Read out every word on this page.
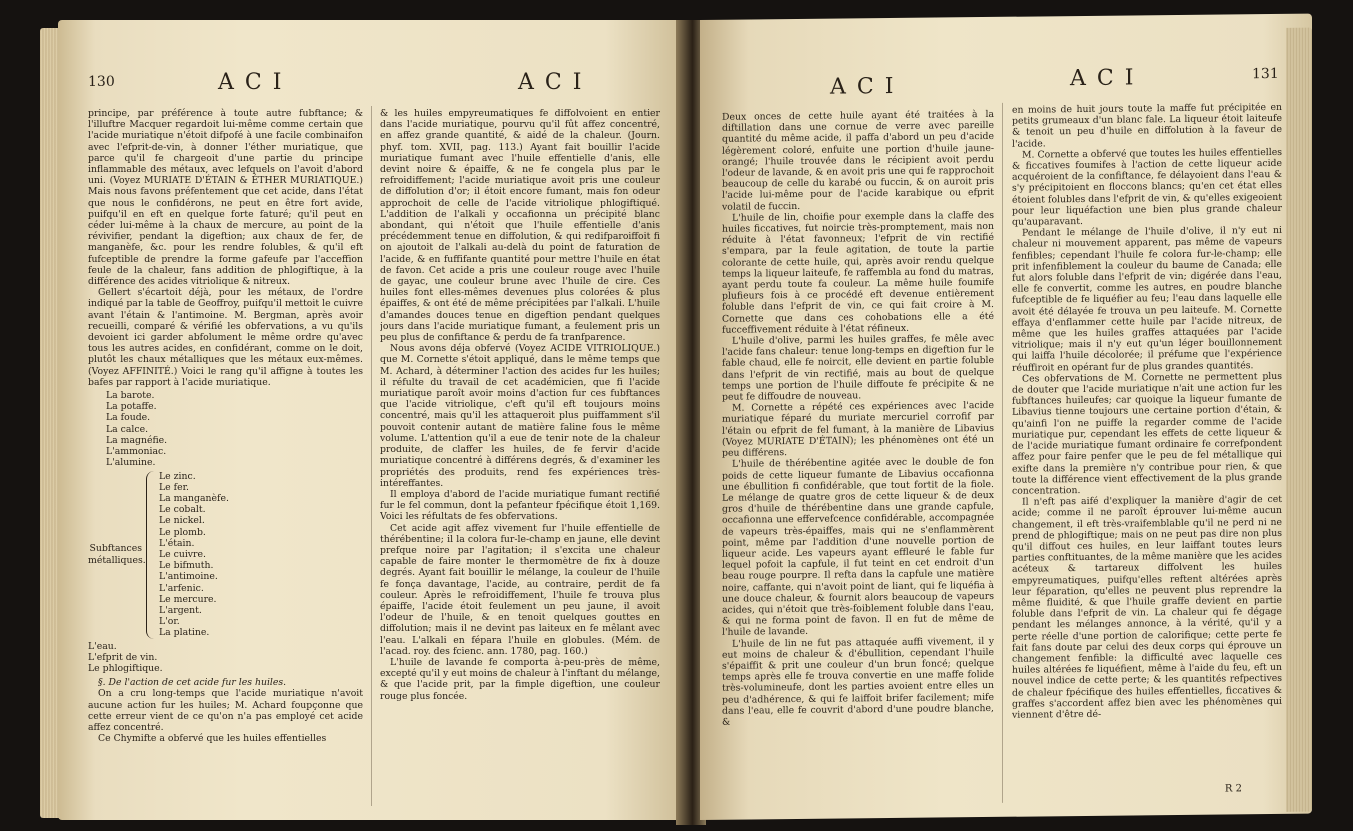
130	A C I	A C I

principe, par préférence à toute autre fubftance; & l'illuftre Macquer regardoit lui-même comme certain que l'acide muriatique n'étoit difpofé à une facile combinaifon avec l'efprit-de-vin, à donner l'éther muriatique, que parce qu'il fe chargeoit d'une partie du principe inflammable des métaux, avec lefquels on l'avoit d'abord uni. (Voyez MURIATE D'ÉTAIN & ÉTHER MURIATIQUE.) Mais nous favons préfentement que cet acide, dans l'état que nous le confidérons, ne peut en être fort avide, puifqu'il en eft en quelque forte faturé; qu'il peut en céder lui-même à la chaux de mercure, au point de la révivifier, pendant la digeftion; aux chaux de fer, de manganèfe, &c. pour les rendre folubles, & qu'il eft fufceptible de prendre la forme gafeufe par l'acceffion feule de la chaleur, fans addition de phlogiftique, à la différence des acides vitriolique & nitreux.

Gellert s'écartoit déjà, pour les métaux, de l'ordre indiqué par la table de Geoffroy, puifqu'il mettoit le cuivre avant l'étain & l'antimoine. M. Bergman, après avoir recueilli, comparé & vérifié les obfervations, a vu qu'ils devoient ici garder abfolument le même ordre qu'avec tous les autres acides, en confidérant, comme on le doit, plutôt les chaux métalliques que les métaux eux-mêmes. (Voyez AFFINITÉ.) Voici le rang qu'il affigne à toutes les bafes par rapport à l'acide muriatique.

La barote.
La potaffe.
La foude.
La calce.
La magnéfie.
L'ammoniac.
L'alumine.
Subftances métalliques.
Le zinc.
Le fer.
La manganèfe.
Le cobalt.
Le nickel.
Le plomb.
L'étain.
Le cuivre.
Le bifmuth.
L'antimoine.
L'arfenic.
Le mercure.
L'argent.
L'or.
La platine.
L'eau.
L'efprit de vin.
Le phlogiftique.

§. De l'action de cet acide fur les huiles.

On a cru long-temps que l'acide muriatique n'avoit aucune action fur les huiles; M. Achard foupçonne que cette erreur vient de ce qu'on n'a pas employé cet acide affez concentré.

Ce Chymifte a obfervé que les huiles effentielles

& les huiles empyreumatiques fe diffolvoient en entier dans l'acide muriatique, pourvu qu'il fût affez concentré, en affez grande quantité, & aidé de la chaleur. (Journ. phyf. tom. XVII, pag. 113.) Ayant fait bouillir l'acide muriatique fumant avec l'huile effentielle d'anis, elle devint noire & épaiffe, & ne fe congela plus par le refroidiffement; l'acide muriatique avoit pris une couleur de diffolution d'or; il étoit encore fumant, mais fon odeur approchoit de celle de l'acide vitriolique phlogiftiqué. L'addition de l'alkali y occafionna un précipité blanc abondant, qui n'étoit que l'huile effentielle d'anis précédemment tenue en diffolution, & qui redifparoiffoit fi on ajoutoit de l'alkali au-delà du point de faturation de l'acide, & en fuffifante quantité pour mettre l'huile en état de favon. Cet acide a pris une couleur rouge avec l'huile de gayac, une couleur brune avec l'huile de cire. Ces huiles font elles-mêmes devenues plus colorées & plus épaiffes, & ont été de même précipitées par l'alkali. L'huile d'amandes douces tenue en digeftion pendant quelques jours dans l'acide muriatique fumant, a feulement pris un peu plus de confiftance & perdu de fa tranfparence.

Nous avons déja obfervé (Voyez ACIDE VITRIOLIQUE.) que M. Cornette s'étoit appliqué, dans le même temps que M. Achard, à déterminer l'action des acides fur les huiles; il réfulte du travail de cet académicien, que fi l'acide muriatique paroît avoir moins d'action fur ces fubftances que l'acide vitriolique, c'eft qu'il eft toujours moins concentré, mais qu'il les attaqueroit plus puiffamment s'il pouvoit contenir autant de matière faline fous le même volume. L'attention qu'il a eue de tenir note de la chaleur produite, de claffer les huiles, de fe fervir d'acide muriatique concentré à différens degrés, & d'examiner les propriétés des produits, rend fes expériences très-intéreffantes.

Il employa d'abord de l'acide muriatique fumant rectifié fur le fel commun, dont la pefanteur fpécifique étoit 1,169. Voici les réfultats de fes obfervations.

Cet acide agit affez vivement fur l'huile effentielle de thérébentine; il la colora fur-le-champ en jaune, elle devint prefque noire par l'agitation; il s'excita une chaleur capable de faire monter le thermomètre de fix à douze degrés. Ayant fait bouillir le mélange, la couleur de l'huile fe fonça davantage, l'acide, au contraire, perdit de fa couleur. Après le refroidiffement, l'huile fe trouva plus épaiffe, l'acide étoit feulement un peu jaune, il avoit l'odeur de l'huile, & en tenoit quelques gouttes en diffolution; mais il ne devint pas laiteux en fe mêlant avec l'eau. L'alkali en fépara l'huile en globules. (Mém. de l'acad. roy. des fcienc. ann. 1780, pag. 160.)

L'huile de lavande fe comporta à-peu-près de même, excepté qu'il y eut moins de chaleur à l'inftant du mélange, & que l'acide prit, par la fimple digeftion, une couleur rouge plus foncée.

A C I	A C I	131

Deux onces de cette huile ayant été traitées à la diftillation dans une cornue de verre avec pareille quantité du même acide, il paffa d'abord un peu d'acide légèrement coloré, enfuite une portion d'huile jaune-orangé; l'huile trouvée dans le récipient avoit perdu l'odeur de lavande, & en avoit pris une qui fe rapprochoit beaucoup de celle du karabé ou fuccin, & on auroit pris l'acide lui-même pour de l'acide karabique ou efprit volatil de fuccin.

L'huile de lin, choifie pour exemple dans la claffe des huiles ficcatives, fut noircie très-promptement, mais non réduite à l'état favonneux; l'efprit de vin rectifié s'empara, par la feule agitation, de toute la partie colorante de cette huile, qui, après avoir rendu quelque temps la liqueur laiteufe, fe raffembla au fond du matras, ayant perdu toute fa couleur. La même huile foumife plufieurs fois à ce procédé eft devenue entièrement foluble dans l'efprit de vin, ce qui fait croire à M. Cornette que dans ces cohobations elle a été fucceffivement réduite à l'état réfineux.

L'huile d'olive, parmi les huiles graffes, fe mêle avec l'acide fans chaleur: tenue long-temps en digeftion fur le fable chaud, elle fe noircit, elle devient en partie foluble dans l'efprit de vin rectifié, mais au bout de quelque temps une portion de l'huile diffoute fe précipite & ne peut fe diffoudre de nouveau.

M. Cornette a répété ces expériences avec l'acide muriatique féparé du muriate mercuriel corrofif par l'étain ou efprit de fel fumant, à la manière de Libavius (Voyez MURIATE D'ÉTAIN); les phénomènes ont été un peu différens.

L'huile de thérébentine agitée avec le double de fon poids de cette liqueur fumante de Libavius occafionna une ébullition fi confidérable, que tout fortit de la fiole. Le mélange de quatre gros de cette liqueur & de deux gros d'huile de thérébentine dans une grande capfule, occafionna une effervefcence confidérable, accompagnée de vapeurs très-épaiffes, mais qui ne s'enflammèrent point, même par l'addition d'une nouvelle portion de liqueur acide. Les vapeurs ayant effleuré le fable fur lequel pofoit la capfule, il fut teint en cet endroit d'un beau rouge pourpre. Il refta dans la capfule une matière noire, caffante, qui n'avoit point de liant, qui fe liquéfia à une douce chaleur, & fournit alors beaucoup de vapeurs acides, qui n'étoit que très-foiblement foluble dans l'eau, & qui ne forma point de favon. Il en fut de même de l'huile de lavande.

L'huile de lin ne fut pas attaquée auffi vivement, il y eut moins de chaleur & d'ébullition, cependant l'huile s'épaiffit & prit une couleur d'un brun foncé; quelque temps après elle fe trouva convertie en une maffe folide très-volumineufe, dont les parties avoient entre elles un peu d'adhérence, & qui fe laiffoit brifer facilement; mife dans l'eau, elle fe couvrit d'abord d'une poudre blanche, &

en moins de huit jours toute la maffe fut précipitée en petits grumeaux d'un blanc fale. La liqueur étoit laiteufe & tenoit un peu d'huile en diffolution à la faveur de l'acide.

M. Cornette a obfervé que toutes les huiles effentielles & ficcatives foumifes à l'action de cette liqueur acide acquéroient de la confiftance, fe délayoient dans l'eau & s'y précipitoient en floccons blancs; qu'en cet état elles étoient folubles dans l'efprit de vin, & qu'elles exigeoient pour leur liquéfaction une bien plus grande chaleur qu'auparavant.

Pendant le mélange de l'huile d'olive, il n'y eut ni chaleur ni mouvement apparent, pas même de vapeurs fenfibles; cependant l'huile fe colora fur-le-champ; elle prit infenfiblement la couleur du baume de Canada; elle fut alors foluble dans l'efprit de vin; digérée dans l'eau, elle fe convertit, comme les autres, en poudre blanche fufceptible de fe liquéfier au feu; l'eau dans laquelle elle avoit été délayée fe trouva un peu laiteufe. M. Cornette effaya d'enflammer cette huile par l'acide nitreux, de même que les huiles graffes attaquées par l'acide vitriolique; mais il n'y eut qu'un léger bouillonnement qui laiffa l'huile décolorée; il préfume que l'expérience réuffiroit en opérant fur de plus grandes quantités.

Ces obfervations de M. Cornette ne permettent plus de douter que l'acide muriatique n'ait une action fur les fubftances huileufes; car quoique la liqueur fumante de Libavius tienne toujours une certaine portion d'étain, & qu'ainfi l'on ne puiffe la regarder comme de l'acide muriatique pur, cependant les effets de cette liqueur & de l'acide muriatique fumant ordinaire fe correfpondent affez pour faire penfer que le peu de fel métallique qui exifte dans la première n'y contribue pour rien, & que toute la différence vient effectivement de la plus grande concentration.

Il n'eft pas aifé d'expliquer la manière d'agir de cet acide; comme il ne paroît éprouver lui-même aucun changement, il eft très-vraifemblable qu'il ne perd ni ne prend de phlogiftique; mais on ne peut pas dire non plus qu'il diffout ces huiles, en leur laiffant toutes leurs parties conftituantes, de la même manière que les acides acéteux & tartareux diffolvent les huiles empyreumatiques, puifqu'elles reftent altérées après leur féparation, qu'elles ne peuvent plus reprendre la même fluidité, & que l'huile graffe devient en partie foluble dans l'efprit de vin. La chaleur qui fe dégage pendant les mélanges annonce, à la vérité, qu'il y a perte réelle d'une portion de calorifique; cette perte fe fait fans doute par celui des deux corps qui éprouve un changement fenfible: la difficulté avec laquelle ces huiles altérées fe liquéfient, même à l'aide du feu, eft un nouvel indice de cette perte; & les quantités refpectives de chaleur fpécifique des huiles effentielles, ficcatives & graffes s'accordent affez bien avec les phénomènes qui viennent d'être dé-

R 2
